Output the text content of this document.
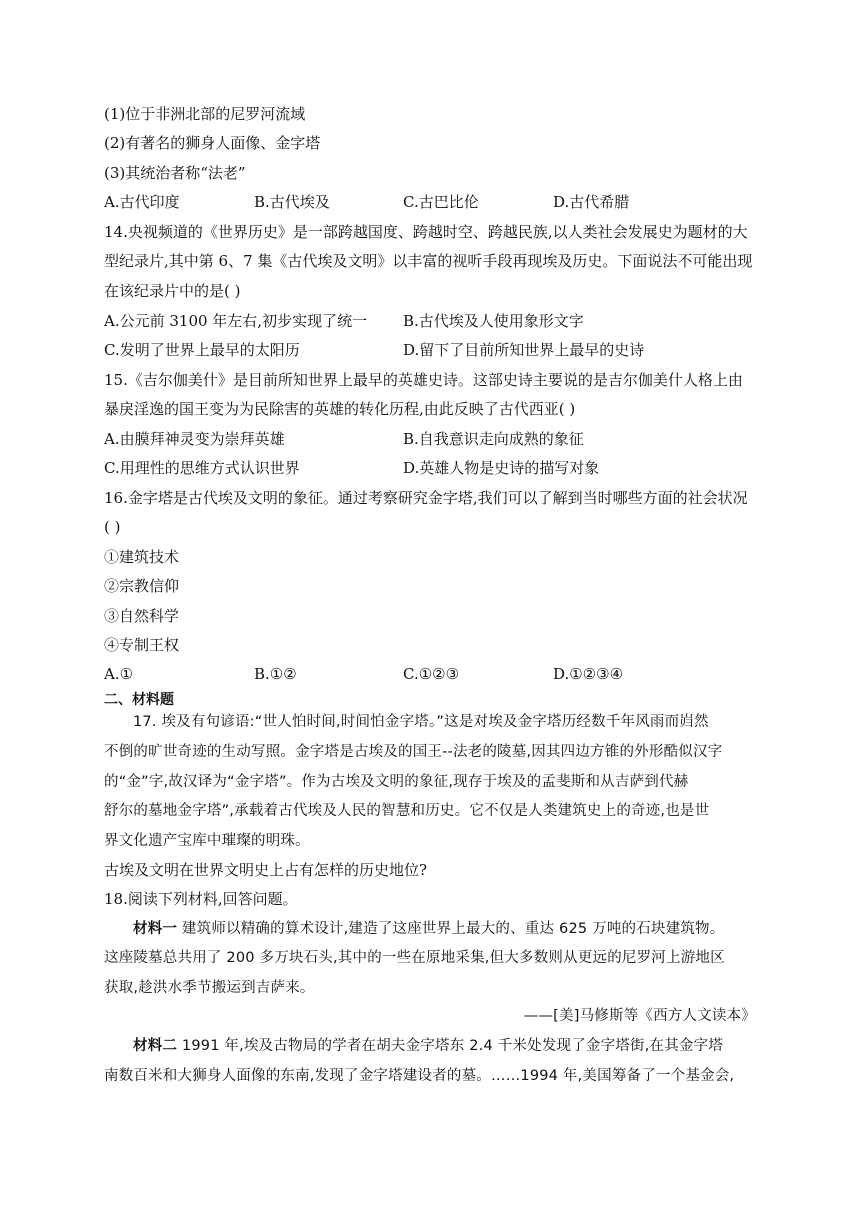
(1)位于非洲北部的尼罗河流域
(2)有著名的狮身人面像、金字塔
(3)其统治者称“法老”
A.古代印度	B.古代埃及	C.古巴比伦	D.古代希腊
14.央视频道的《世界历史》是一部跨越国度、跨越时空、跨越民族,以人类社会发展史为题材的大
型纪录片,其中第 6、7 集《古代埃及文明》以丰富的视听手段再现埃及历史。下面说法不可能出现
在该纪录片中的是( )
A.公元前 3100 年左右,初步实现了统一 B.古代埃及人使用象形文字
C.发明了世界上最早的太阳历	D.留下了目前所知世界上最早的史诗
15.《吉尔伽美什》是目前所知世界上最早的英雄史诗。这部史诗主要说的是吉尔伽美什人格上由
暴戾淫逸的国王变为为民除害的英雄的转化历程,由此反映了古代西亚( )
A.由膜拜神灵变为崇拜英雄	B.自我意识走向成熟的象征
C.用理性的思维方式认识世界	D.英雄人物是史诗的描写对象
16.金字塔是古代埃及文明的象征。通过考察研究金字塔,我们可以了解到当时哪些方面的社会状况
( )
①建筑技术
②宗教信仰
③自然科学
④专制王权
A.①	B.①②	C.①②③	D.①②③④
二、材料题
17. 埃及有句谚语:“世人怕时间,时间怕金字塔。”这是对埃及金字塔历经数千年风雨而岿然
不倒的旷世奇迹的生动写照。金字塔是古埃及的国王--法老的陵墓,因其四边方锥的外形酷似汉字
的“金”字,故汉译为“金字塔”。作为古埃及文明的象征,现存于埃及的孟斐斯和从吉萨到代赫
舒尔的墓地金字塔”,承载着古代埃及人民的智慧和历史。它不仅是人类建筑史上的奇迹,也是世
界文化遗产宝库中璀璨的明珠。
古埃及文明在世界文明史上占有怎样的历史地位?
18.阅读下列材料,回答问题。
材料一 建筑师以精确的算术设计,建造了这座世界上最大的、重达 625 万吨的石块建筑物。
这座陵墓总共用了 200 多万块石头,其中的一些在原地采集,但大多数则从更远的尼罗河上游地区
获取,趁洪水季节搬运到吉萨来。
——[美]马修斯等《西方人文读本》
材料二 1991 年,埃及古物局的学者在胡夫金字塔东 2.4 千米处发现了金字塔街,在其金字塔
南数百米和大狮身人面像的东南,发现了金字塔建设者的墓。……1994 年,美国筹备了一个基金会,
